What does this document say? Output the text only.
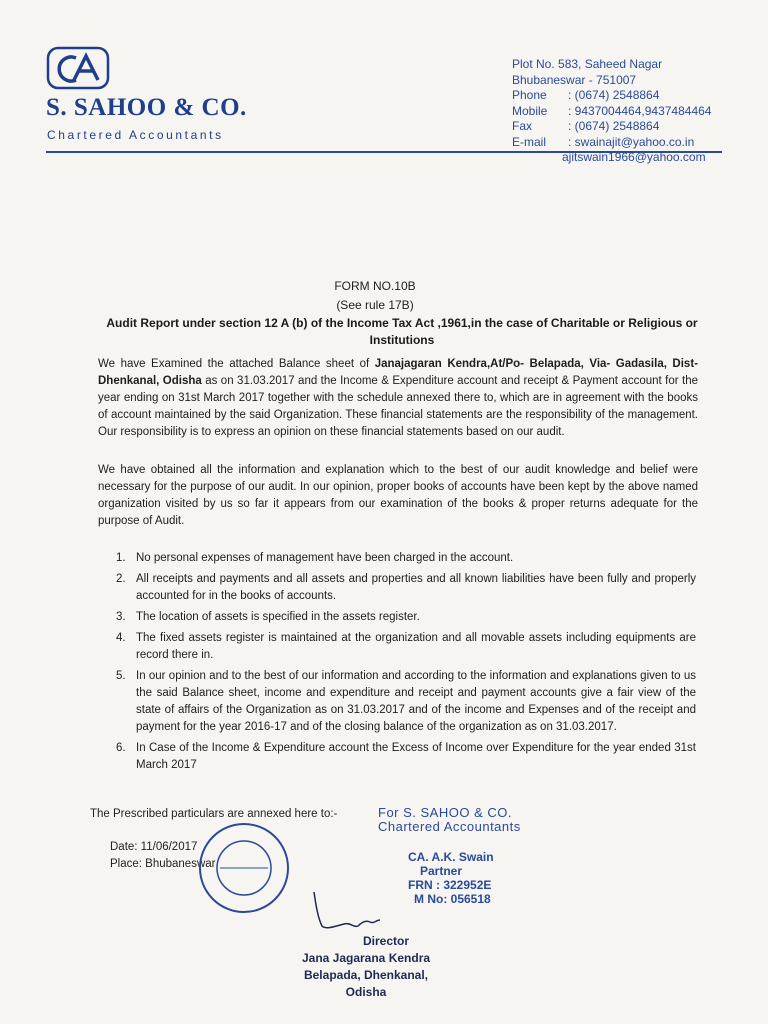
S. SAHOO & CO.
Chartered Accountants
Plot No. 583, Saheed Nagar
Bhubaneswar - 751007
Phone : (0674) 2548864
Mobile : 9437004464,9437484464
Fax	: (0674) 2548864
E-mail : swainajit@yahoo.co.in
ajitswain1966@yahoo.com
FORM NO.10B
(See rule 17B)
Audit Report under section 12 A (b) of the Income Tax Act ,1961,in the case of Charitable or Religious or Institutions
We have Examined the attached Balance sheet of Janajagaran Kendra,At/Po- Belapada, Via- Gadasila, Dist- Dhenkanal, Odisha as on 31.03.2017 and the Income & Expenditure account and receipt & Payment account for the year ending on 31st March 2017 together with the schedule annexed there to, which are in agreement with the books of account maintained by the said Organization. These financial statements are the responsibility of the management. Our responsibility is to express an opinion on these financial statements based on our audit.
We have obtained all the information and explanation which to the best of our audit knowledge and belief were necessary for the purpose of our audit. In our opinion, proper books of accounts have been kept by the above named organization visited by us so far it appears from our examination of the books & proper returns adequate for the purpose of Audit.
1. No personal expenses of management have been charged in the account.
2. All receipts and payments and all assets and properties and all known liabilities have been fully and properly accounted for in the books of accounts.
3. The location of assets is specified in the assets register.
4. The fixed assets register is maintained at the organization and all movable assets including equipments are record there in.
5. In our opinion and to the best of our information and according to the information and explanations given to us the said Balance sheet, income and expenditure and receipt and payment accounts give a fair view of the state of affairs of the Organization as on 31.03.2017 and of the income and Expenses and of the receipt and payment for the year 2016-17 and of the closing balance of the organization as on 31.03.2017.
6. In Case of the Income & Expenditure account the Excess of Income over Expenditure for the year ended 31st March 2017
The Prescribed particulars are annexed here to:-
Date: 11/06/2017
Place: Bhubaneswar
For S. SAHOO & CO.
Chartered Accountants
CA. A.K. Swain
Partner
FRN : 322952E
M No: 056518
Director
Jana Jagarana Kendra
Belapada, Dhenkanal, Odisha
